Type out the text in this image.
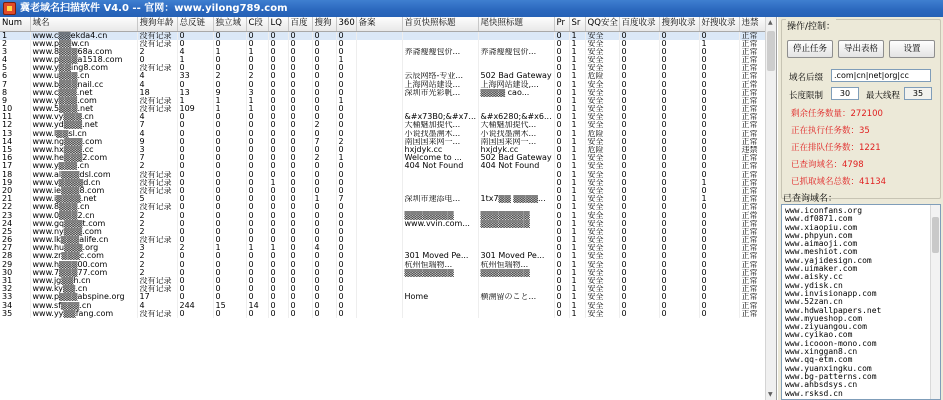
冀老域名扫描软件 V4.0 -- 官网：www.yilong789.com
Num	域名	搜狗年龄	总反链	独立域	C段	LQ	百度	搜狗	360	备案	首页快照标题	尾快照标题	Pr	Sr	QQ安全	百度收录	搜狗收录	好搜收录	违禁
1	www.c▒▒ekda4.cn	没有记录	0	0	0	0	0	0	0				0	1	安全	0	0	0	正常
2	www.p▒▒w.cn	没有记录	0	0	0	0	0	0	0				0	1	安全	0	0	1	正常
3	www.8▒▒▒68a.com	2	4	1	1	0	0	0	0		养斋瘦瘦包价...	养斋瘦瘦包价...	0	1	安全	0	0	0	正常
4	www.p▒▒▒a1518.com	0	1	0	0	0	0	0	1				0	1	安全	0	0	0	正常
5	www.y▒▒ing8.com	没有记录	0	0	0	0	0	0	0				0	1	安全	0	0	0	正常
6	www.u▒▒▒.cn	4	33	2	2	0	0	0	0		云辰网络-专业...	502 Bad Gateway	0	1	危险	0	0	0	正常
7	www.b▒▒▒nail.cc	4	0	0	0	0	0	0	0		上海网站建设...	上海网站建设,...	0	1	安全	0	0	0	正常
8	www.c▒▒▒.net	18	13	9	3	0	0	0	0		深圳市光彩帆...	▒▒▒▒ cao...	0	1	安全	0	0	0	正常
9	www.y▒▒▒.com	没有记录	1	1	1	0	0	0	1				0	1	安全	0	0	0	正常
10	www.5▒▒▒.net	没有记录	109	1	1	0	0	0	0				0	1	安全	0	0	0	正常
11	www.vy▒▒▒.cn	4	0	0	0	0	0	0	0		&#x73B0;&#x7...	&#x6280;&#x6...	0	1	安全	0	0	0	正常
12	www.yd▒▒▒.net	7	0	0	0	0	0	2	0		大桶魅加提代...	大桶魅加提代...	0	1	安全	0	0	0	正常
13	www.l▒▒sl.cn	4	0	0	0	0	0	0	0		小说找墨溯木...	小说找墨溯木...	0	1	危险	0	0	0	正常
14	www.ng▒▒▒.com	9	0	0	0	0	0	7	2		南国国来网一...	南国国来网一...	0	1	安全	0	0	0	正常
15	www.hx▒▒▒.cc	3	0	0	0	0	0	0	0		hxjdyk.cc	hxjdyk.cc	0	1	危险	0	0	0	违禁
16	www.he▒▒▒2.com	7	0	0	0	0	0	2	1		Welcome to ...	502 Bad Gateway	0	1	安全	0	0	0	正常
17	www.y▒▒▒.cn	2	0	0	0	0	0	0	0		404 Not Found	404 Not Found	0	1	安全	0	0	0	正常
18	www.al▒▒▒dsl.com	没有记录	0	0	0	0	0	0	0				0	1	安全	0	0	0	正常
19	www.v▒▒▒▒d.cn	没有记录	0	0	0	1	0	0	0				0	1	安全	0	0	1	正常
20	www.ie▒▒▒8.com	没有记录	0	0	0	0	0	0	0				0	1	安全	0	0	0	正常
21	www.i▒▒▒▒.net	5	0	0	0	0	0	1	7		深圳市速添电...	1tx7▒▒ ▒▒▒▒...	0	1	安全	0	0	1	正常
22	www.8▒▒▒.cn	没有记录	0	0	0	0	0	0	0				0	1	安全	0	0	0	正常
23	www.0▒▒▒2.cn	2	0	0	0	0	0	0	0		▒▒▒▒▒▒▒▒	▒▒▒▒▒▒▒▒	0	1	安全	0	0	0	正常
24	www.gq▒▒▒t.com	2	0	0	0	0	0	0	0		www.vvin.com...	▒▒▒▒▒▒▒▒	0	1	安全	0	0	0	正常
25	www.ny▒▒▒.com	2	0	0	0	0	0	0	0				0	1	安全	0	0	0	正常
26	www.lk▒▒▒alife.cn	没有记录	0	0	0	0	0	0	0				0	1	安全	0	0	0	正常
27	www.hu▒▒▒.org	3	2	1	1	1	0	4	0				0	1	安全	0	0	0	正常
28	www.zr▒▒▒c.com	2	0	0	0	0	0	0	0		301 Moved Pe...	301 Moved Pe...	0	1	安全	0	0	0	正常
29	www.h▒▒▒00.com	2	0	0	0	0	0	0	0		杭州恒瑞物...	杭州恒瑞物...	0	1	安全	0	0	0	正常
30	www.7▒▒▒77.com	2	0	0	0	0	0	0	0		▒▒▒▒▒▒▒▒	▒▒▒▒▒▒▒▒	0	1	安全	0	0	0	正常
31	www.jg▒▒h.cn	没有记录	0	0	0	0	0	0	0				0	1	安全	0	0	0	正常
32	www.ky▒▒.cn	没有记录	0	0	0	0	0	0	0				0	1	安全	0	0	0	正常
33	www.p▒▒▒abspine.org	17	0	0	0	0	0	0	0		Home	横溯留のこと...	0	1	安全	0	0	0	正常
34	www.sf▒▒▒.cn	4	244	15	14	0	0	0	0				0	1	安全	0	0	0	正常
35	www.yy▒▒fang.com	没有记录	0	0	0	0	0	0	0				0	1	安全	0	0	0	正常
▲
▼
操作/控制：
停止任务	导出表格	设置
域名后缀	.com|cn|net|org|cc
长度限制	30	最大线程	35
剩余任务数量：272100
正在执行任务数：35
正在排队任务数：1221
已查询域名：4798
已抓取域名总数：41134
已查询域名：
www.iconfans.org
www.df0871.com
www.xiaopiu.com
www.phpyun.com
www.aimaoji.com
www.meshiot.com
www.yajidesign.com
www.uimaker.com
www.aisky.cc
www.ydisk.cn
www.invisionapp.com
www.52zan.cn
www.hdwallpapers.net
www.myueshop.com
www.ziyuangou.com
www.cyikao.com
www.icooon-mono.com
www.xinggan8.cn
www.qq-etm.com
www.yuanxingku.com
www.bg-patterns.com
www.ahbsdsys.cn
www.rsksd.cn
